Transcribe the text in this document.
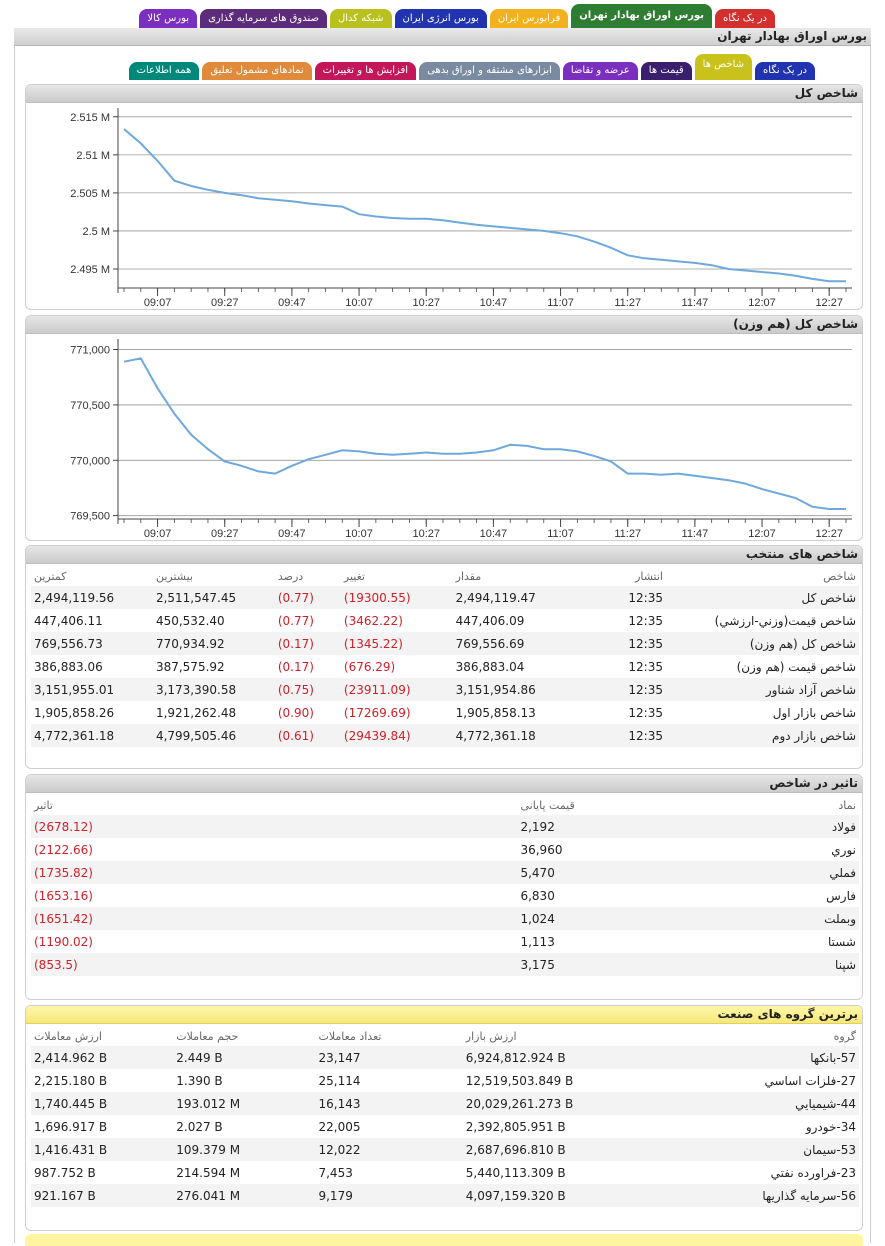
در یک نگاه
بورس اوراق بهادار تهران
فرابورس ایران
بورس انرژی ایران
شبکه کدال
صندوق های سرمایه گذاری
بورس کالا
بورس اوراق بهادار تهران
در یک نگاه
شاخص ها
قیمت ها
عرضه و تقاضا
ابزارهای مشتقه و اوراق بدهی
افزایش ها و تغییرات
نمادهای مشمول تعلیق
همه اطلاعات
شاخص کل
2.495 M
2.5 M
2.505 M
2.51 M
2.515 M
09:07	09:27	09:47	10:07	10:27	10:47	11:07	11:27	11:47	12:07	12:27
شاخص کل (هم وزن)
769,500
770,000
770,500
771,000
09:07	09:27	09:47	10:07	10:27	10:47	11:07	11:27	11:47	12:07	12:27
شاخص های منتخب
شاخص	انتشار	مقدار	تغییر	درصد	بیشترین	کمترین
شاخص کل	12:35	2,494,119.47	(19300.55)	(0.77)	2,511,547.45	2,494,119.56
شاخص قیمت(وزني-ارزشي)	12:35	447,406.09	(3462.22)	(0.77)	450,532.40	447,406.11
شاخص کل (هم وزن)	12:35	769,556.69	(1345.22)	(0.17)	770,934.92	769,556.73
شاخص قیمت (هم وزن)	12:35	386,883.04	(676.29)	(0.17)	387,575.92	386,883.06
شاخص آزاد شناور	12:35	3,151,954.86	(23911.09)	(0.75)	3,173,390.58	3,151,955.01
شاخص بازار اول	12:35	1,905,858.13	(17269.69)	(0.90)	1,921,262.48	1,905,858.26
شاخص بازار دوم	12:35	4,772,361.18	(29439.84)	(0.61)	4,799,505.46	4,772,361.18
تاثیر در شاخص
نماد	قیمت پایانی	تاثیر
فولاد	2,192	(2678.12)
نوري	36,960	(2122.66)
فملي	5,470	(1735.82)
فارس	6,830	(1653.16)
وبملت	1,024	(1651.42)
شستا	1,113	(1190.02)
شپنا	3,175	(853.5)
برترین گروه های صنعت
گروه	ارزش بازار	تعداد معاملات	حجم معاملات	ارزش معاملات
57-بانکها	6,924,812.924 B	23,147	2.449 B	2,414.962 B
27-فلزات اساسي	12,519,503.849 B	25,114	1.390 B	2,215.180 B
44-شيميايي	20,029,261.273 B	16,143	193.012 M	1,740.445 B
34-خودرو	2,392,805.951 B	22,005	2.027 B	1,696.917 B
53-سيمان	2,687,696.810 B	12,022	109.379 M	1,416.431 B
23-فراورده نفتي	5,440,113.309 B	7,453	214.594 M	987.752 B
56-سرمايه گذاريها	4,097,159.320 B	9,179	276.041 M	921.167 B
